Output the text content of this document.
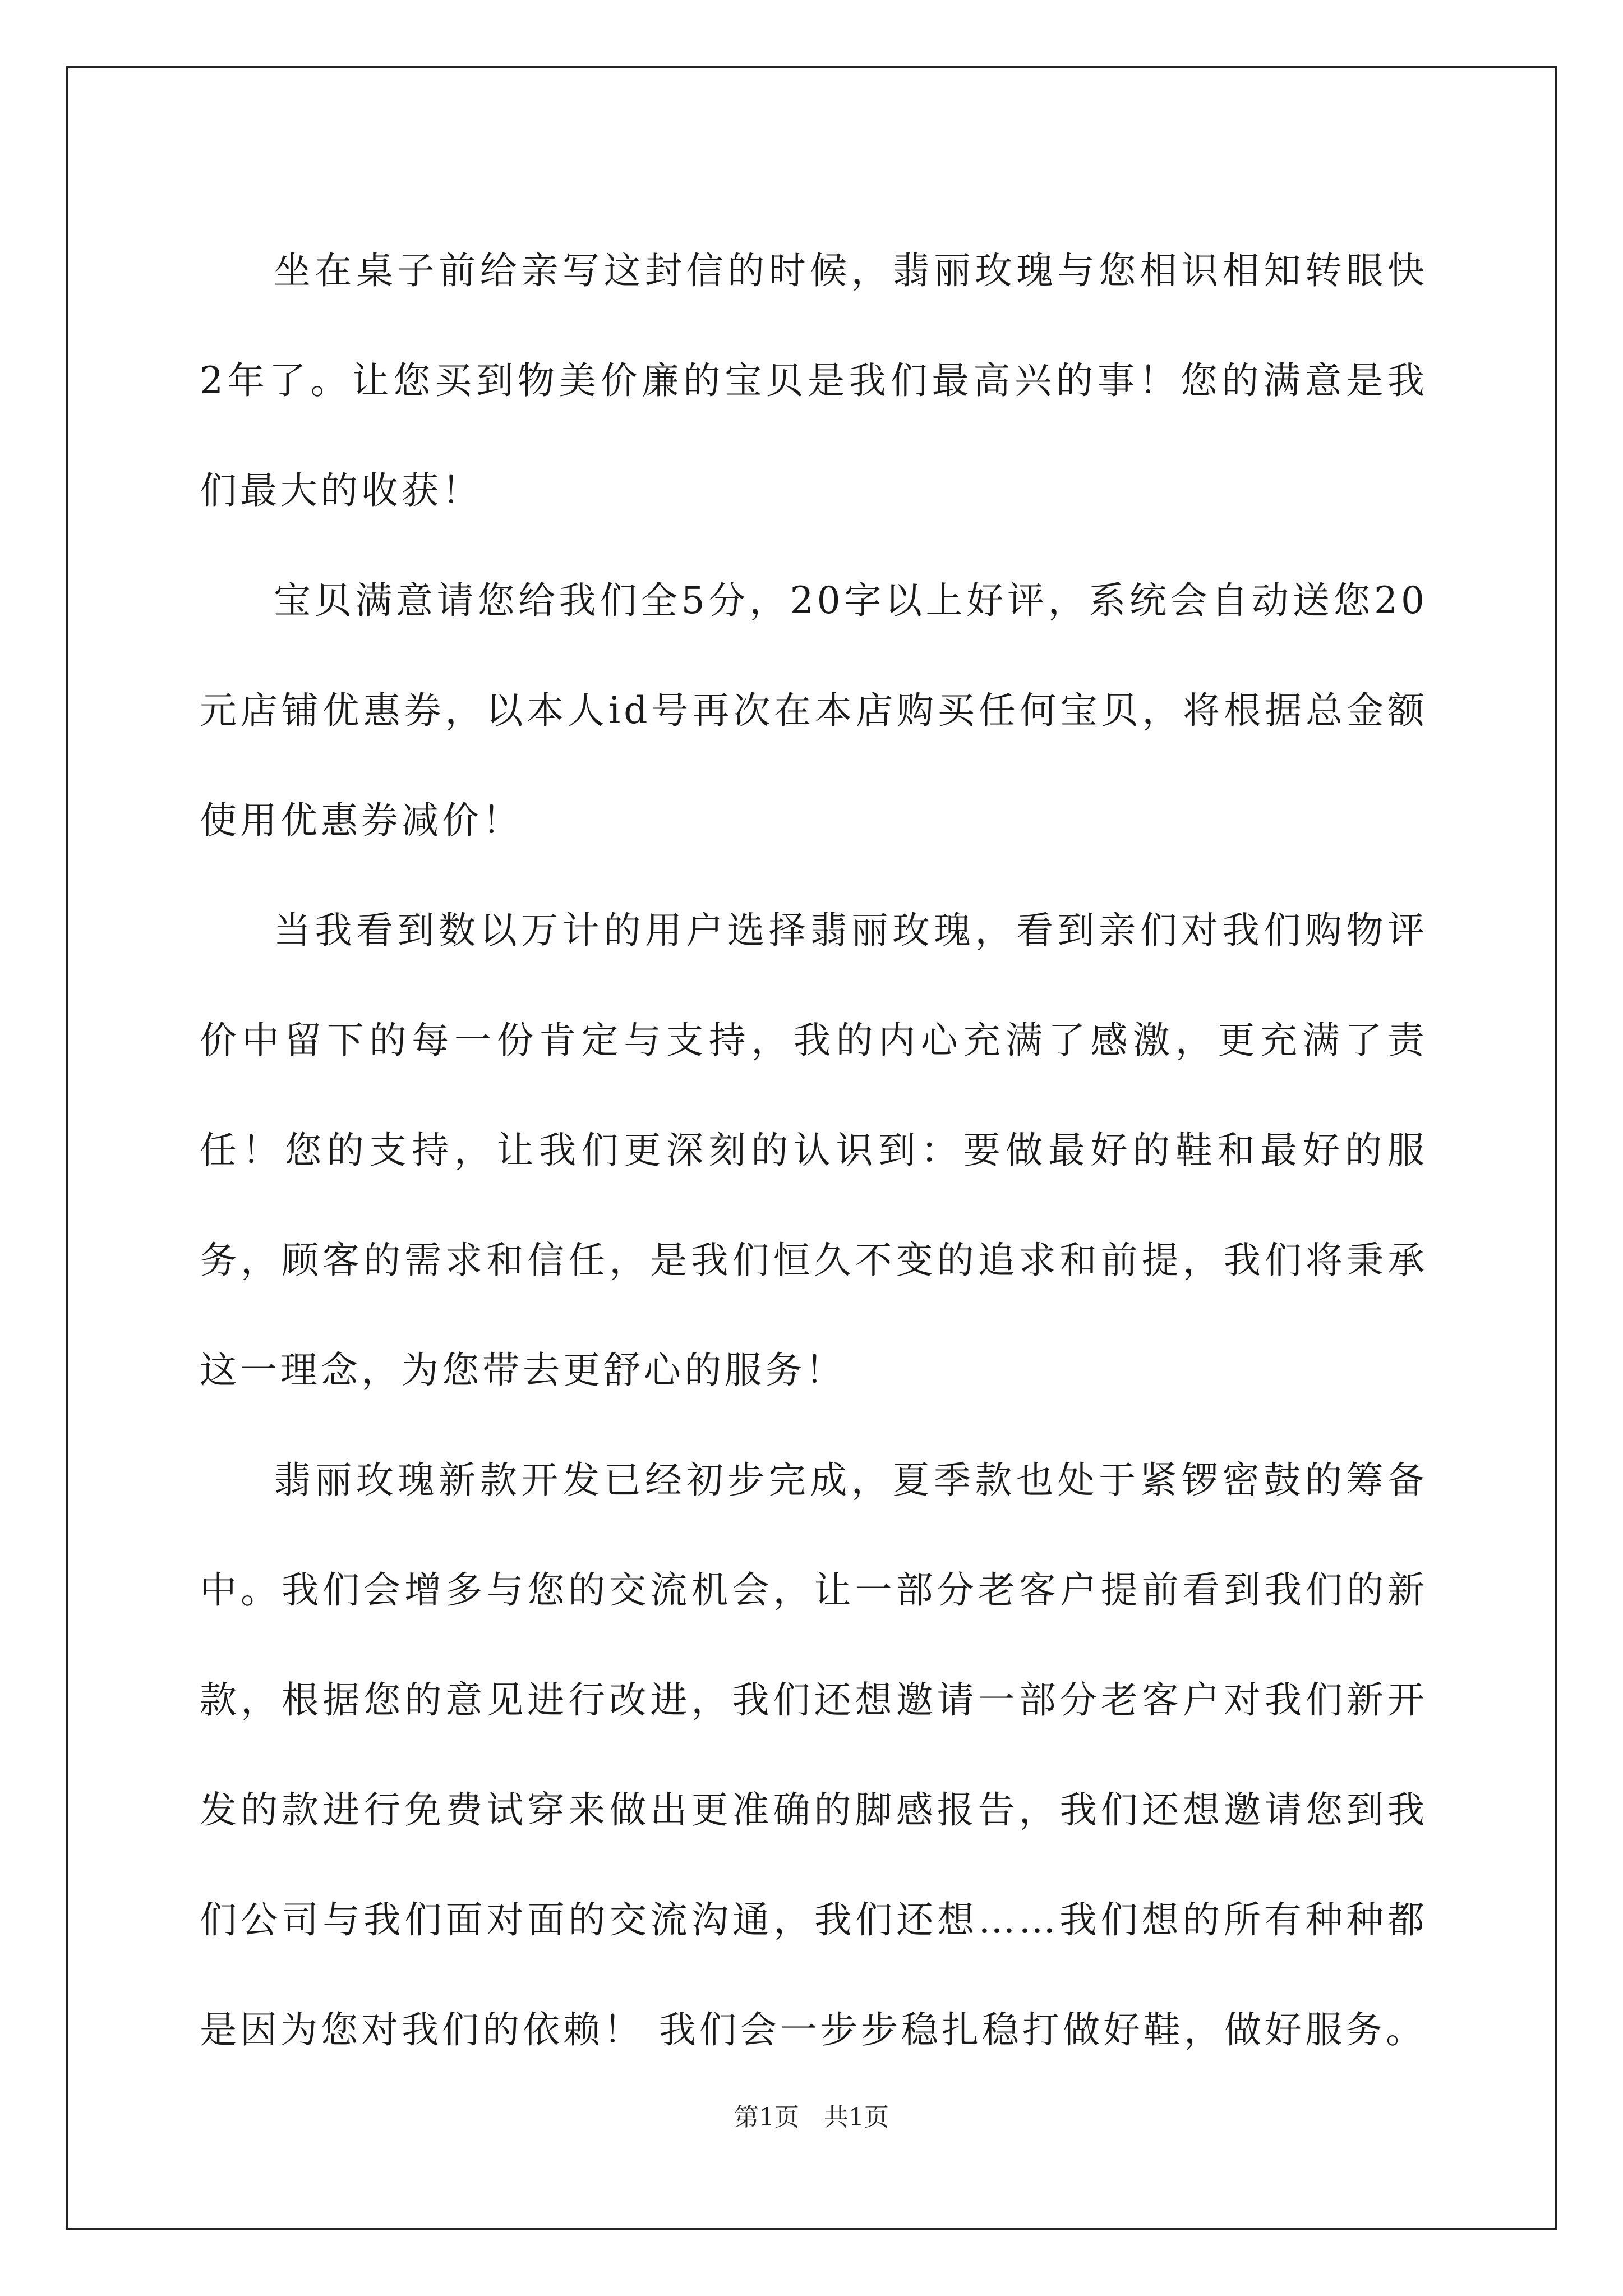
坐在桌子前给亲写这封信的时候，翡丽玫瑰与您相识相知转眼快2年了。让您买到物美价廉的宝贝是我们最高兴的事！您的满意是我们最大的收获！

宝贝满意请您给我们全5分，20字以上好评，系统会自动送您20元店铺优惠券，以本人id号再次在本店购买任何宝贝，将根据总金额使用优惠券减价！

当我看到数以万计的用户选择翡丽玫瑰，看到亲们对我们购物评价中留下的每一份肯定与支持，我的内心充满了感激，更充满了责任！您的支持，让我们更深刻的认识到：要做最好的鞋和最好的服务，顾客的需求和信任，是我们恒久不变的追求和前提，我们将秉承这一理念，为您带去更舒心的服务！

翡丽玫瑰新款开发已经初步完成，夏季款也处于紧锣密鼓的筹备中。我们会增多与您的交流机会，让一部分老客户提前看到我们的新款，根据您的意见进行改进，我们还想邀请一部分老客户对我们新开发的款进行免费试穿来做出更准确的脚感报告，我们还想邀请您到我们公司与我们面对面的交流沟通，我们还想……我们想的所有种种都是因为您对我们的依赖！ 我们会一步步稳扎稳打做好鞋，做好服务。

第1页　共1页
